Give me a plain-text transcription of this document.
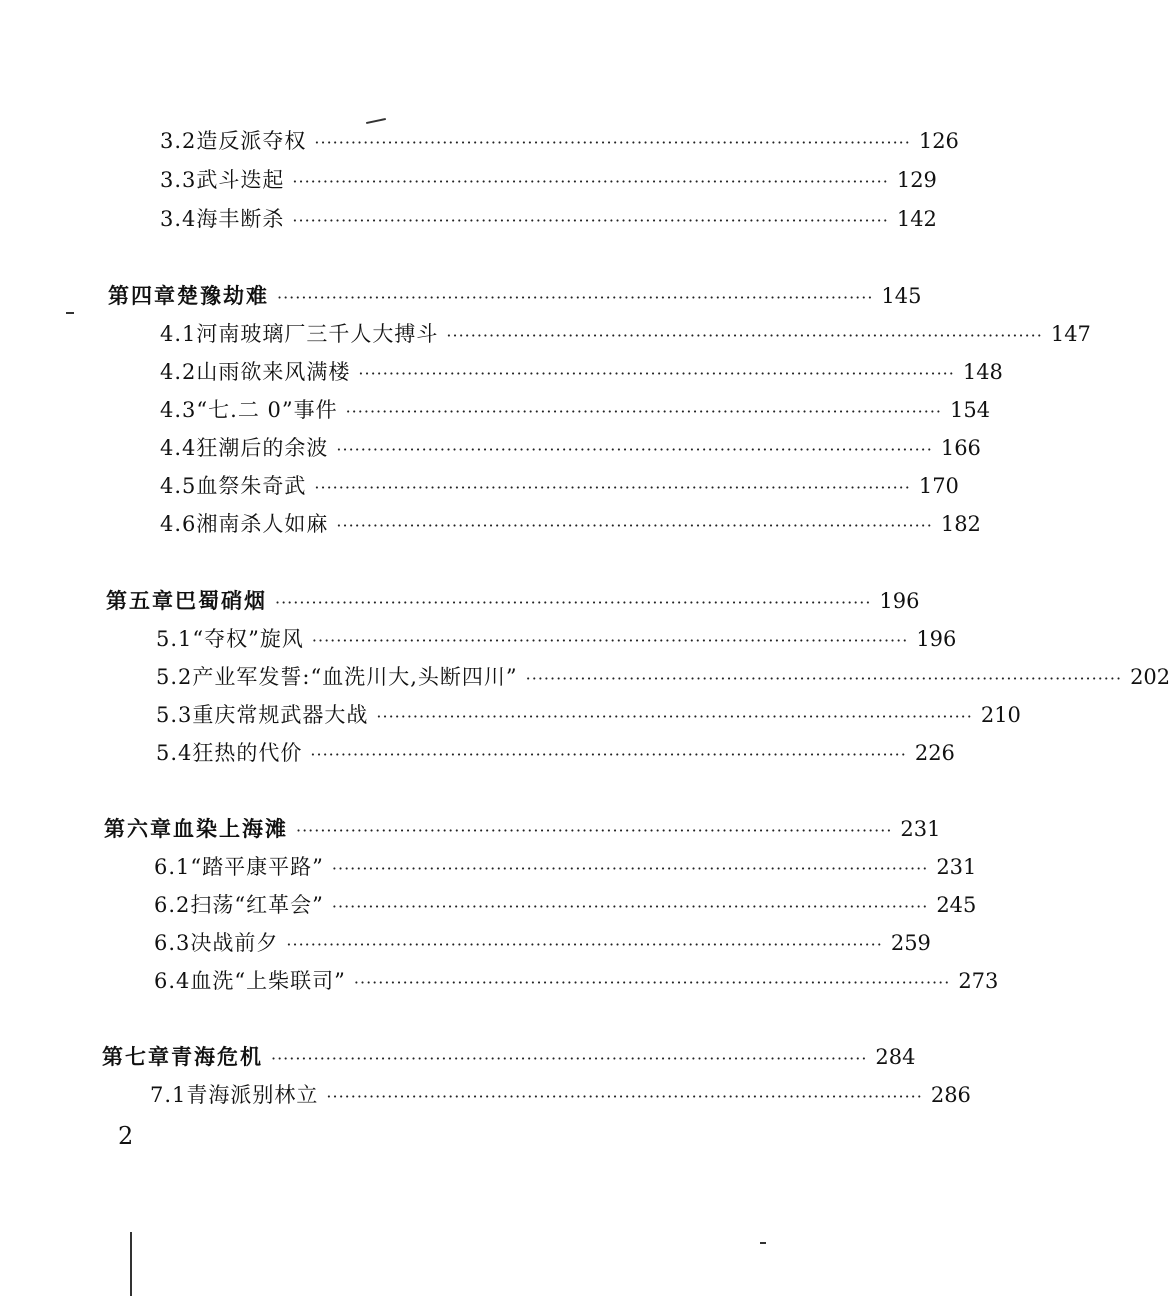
3.2 造反派夺权 ·································································································· 126
3.3 武斗迭起 ·································································································· 129
3.4 海丰断杀 ·································································································· 142
第四章 楚豫劫难 ·································································································· 145
4.1 河南玻璃厂三千人大搏斗 ·································································································· 147
4.2 山雨欲来风满楼 ·································································································· 148
4.3 “七.二 0”事件 ·································································································· 154
4.4 狂潮后的余波 ·································································································· 166
4.5 血祭朱奇武 ·································································································· 170
4.6 湘南杀人如麻 ·································································································· 182
第五章 巴蜀硝烟 ·································································································· 196
5.1 “夺权”旋风 ·································································································· 196
5.2 产业军发誓:“血洗川大,头断四川” ·································································································· 202
5.3 重庆常规武器大战 ·································································································· 210
5.4 狂热的代价 ·································································································· 226
第六章 血染上海滩 ·································································································· 231
6.1 “踏平康平路” ·································································································· 231
6.2 扫荡“红革会” ·································································································· 245
6.3 决战前夕 ·································································································· 259
6.4 血洗“上柴联司” ·································································································· 273
第七章 青海危机 ·································································································· 284
7.1 青海派别林立 ·································································································· 286
2
